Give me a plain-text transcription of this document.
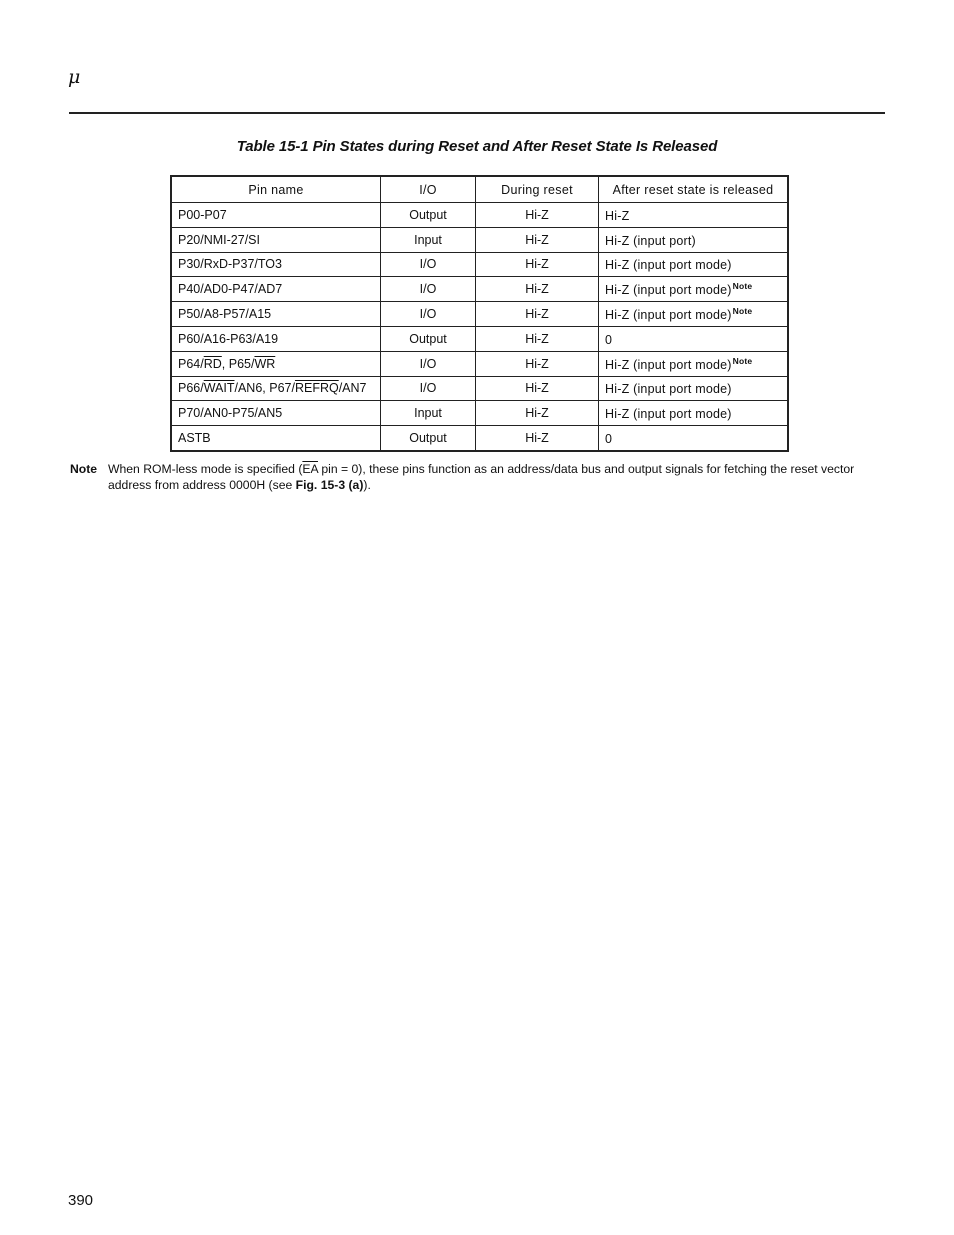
μ
Table 15-1 Pin States during Reset and After Reset State Is Released
Pin name	I/O	During reset	After reset state is released
P00-P07	Output	Hi-Z	Hi-Z
P20/NMI-27/SI	Input	Hi-Z	Hi-Z (input port)
P30/RxD-P37/TO3	I/O	Hi-Z	Hi-Z (input port mode)
P40/AD0-P47/AD7	I/O	Hi-Z	Hi-Z (input port mode)$^{Note}$
P50/A8-P57/A15	I/O	Hi-Z	Hi-Z (input port mode)$^{Note}$
P60/A16-P63/A19	Output	Hi-Z	0
$P64/\overline{RD}$, $P65/\overline{WR}$	I/O	Hi-Z	Hi-Z (input port mode)$^{Note}$
P66/WAIT/AN6, P67/REFRQ/AN7	I/O	Hi-Z	Hi-Z (input port mode)
P70/AN0-P75/AN5	Input	Hi-Z	Hi-Z (input port mode)
ASTB	Output	Hi-Z	0
Note When ROM-less mode is specified ($\overline{EA}$ pin = 0), these pins function as an address/data bus and output signals for fetching the reset vector address from address 0000H (see Fig. 15-3 (a)).
390
